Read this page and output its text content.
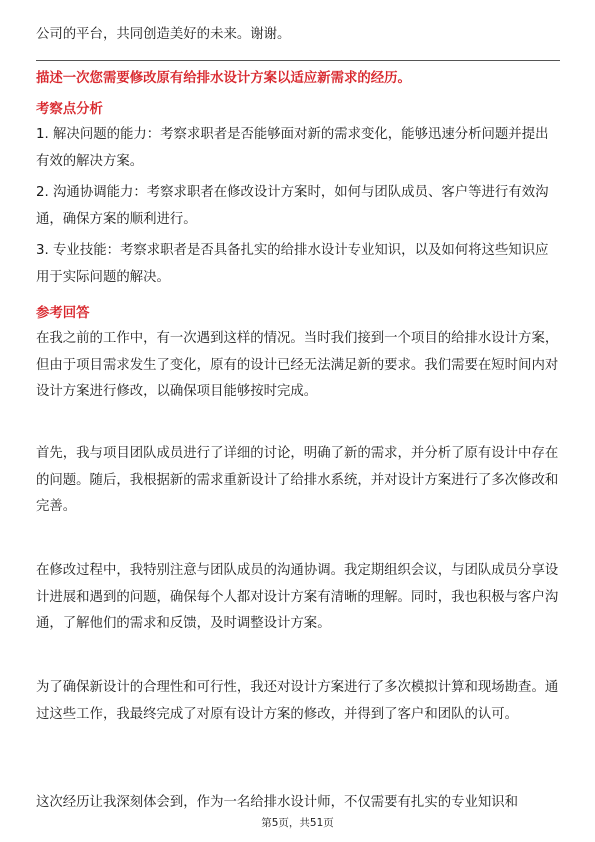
公司的平台，共同创造美好的未来。谢谢。

描述一次您需要修改原有给排水设计方案以适应新需求的经历。

考察点分析

1. 解决问题的能力：考察求职者是否能够面对新的需求变化，能够迅速分析问题并提出有效的解决方案。

2. 沟通协调能力：考察求职者在修改设计方案时，如何与团队成员、客户等进行有效沟通，确保方案的顺利进行。

3. 专业技能：考察求职者是否具备扎实的给排水设计专业知识，以及如何将这些知识应用于实际问题的解决。

参考回答

在我之前的工作中，有一次遇到这样的情况。当时我们接到一个项目的给排水设计方案，但由于项目需求发生了变化，原有的设计已经无法满足新的要求。我们需要在短时间内对设计方案进行修改，以确保项目能够按时完成。

首先，我与项目团队成员进行了详细的讨论，明确了新的需求，并分析了原有设计中存在的问题。随后，我根据新的需求重新设计了给排水系统，并对设计方案进行了多次修改和完善。

在修改过程中，我特别注意与团队成员的沟通协调。我定期组织会议，与团队成员分享设计进展和遇到的问题，确保每个人都对设计方案有清晰的理解。同时，我也积极与客户沟通，了解他们的需求和反馈，及时调整设计方案。

为了确保新设计的合理性和可行性，我还对设计方案进行了多次模拟计算和现场勘查。通过这些工作，我最终完成了对原有设计方案的修改，并得到了客户和团队的认可。

这次经历让我深刻体会到，作为一名给排水设计师，不仅需要有扎实的专业知识和

第5页，共51页
